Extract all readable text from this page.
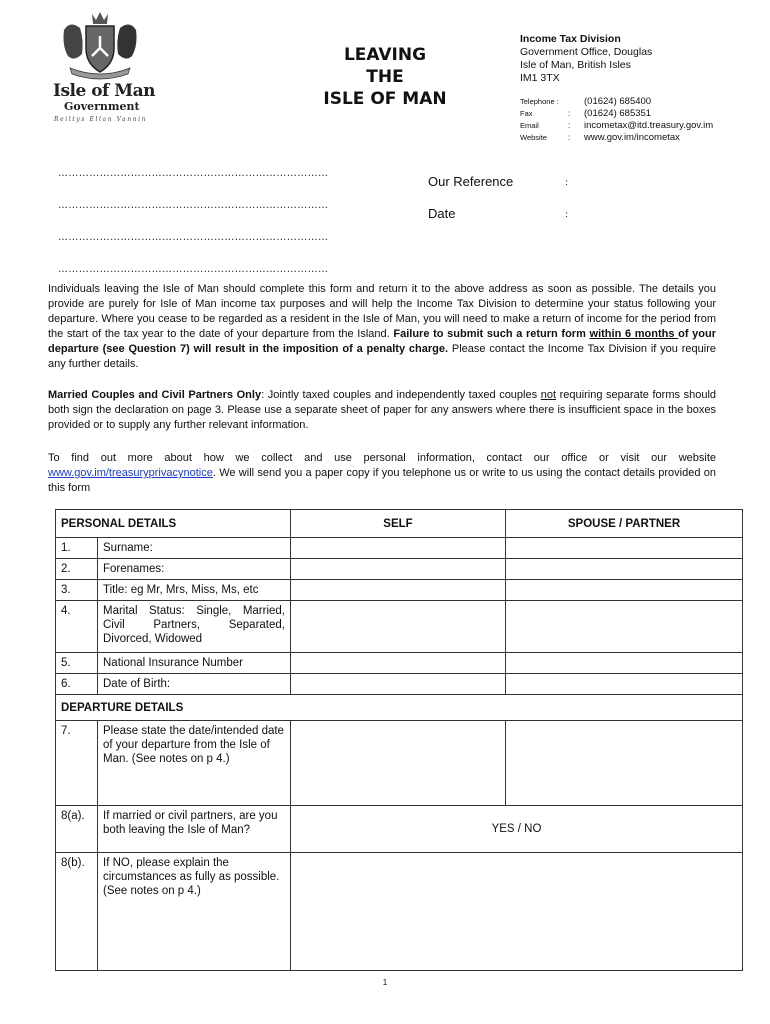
Isle of Man
Government
Reiltys Ellan Vannin
LEAVING
THE
ISLE OF MAN
Income Tax Division
Government Office, Douglas
Isle of Man, British Isles
IM1 3TX
Telephone :	(01624) 685400
Fax	:	(01624) 685351
Email	:	incometax@itd.treasury.gov.im
Website	:	www.gov.im/incometax
……………………………………………………………………
……………………………………………………………………
……………………………………………………………………
……………………………………………………………………
Our Reference	:
Date	:
Individuals leaving the Isle of Man should complete this form and return it to the above address as soon as possible. The details you provide are purely for Isle of Man income tax purposes and will help the Income Tax Division to determine your status following your departure. Where you cease to be regarded as a resident in the Isle of Man, you will need to make a return of income for the period from the start of the tax year to the date of your departure from the Island. Failure to submit such a return form within 6 months of your departure (see Question 7) will result in the imposition of a penalty charge. Please contact the Income Tax Division if you require any further details.
Married Couples and Civil Partners Only: Jointly taxed couples and independently taxed couples not requiring separate forms should both sign the declaration on page 3. Please use a separate sheet of paper for any answers where there is insufficient space in the boxes provided or to supply any further relevant information.
To find out more about how we collect and use personal information, contact our office or visit our website www.gov.im/treasuryprivacynotice. We will send you a paper copy if you telephone us or write to us using the contact details provided on this form
PERSONAL DETAILS		SELF	SPOUSE / PARTNER
1.	Surname:		
2.	Forenames:		
3.	Title: eg Mr, Mrs, Miss, Ms, etc		
4.	Marital Status: Single, Married, Civil Partners, Separated, Divorced, Widowed		
5.	National Insurance Number		
6.	Date of Birth:		
DEPARTURE DETAILS			
7.	Please state the date/intended date of your departure from the Isle of Man. (See notes on p 4.)		
8(a).	If married or civil partners, are you both leaving the Isle of Man?	YES / NO	
8(b).	If NO, please explain the circumstances as fully as possible. (See notes on p 4.)		
1
